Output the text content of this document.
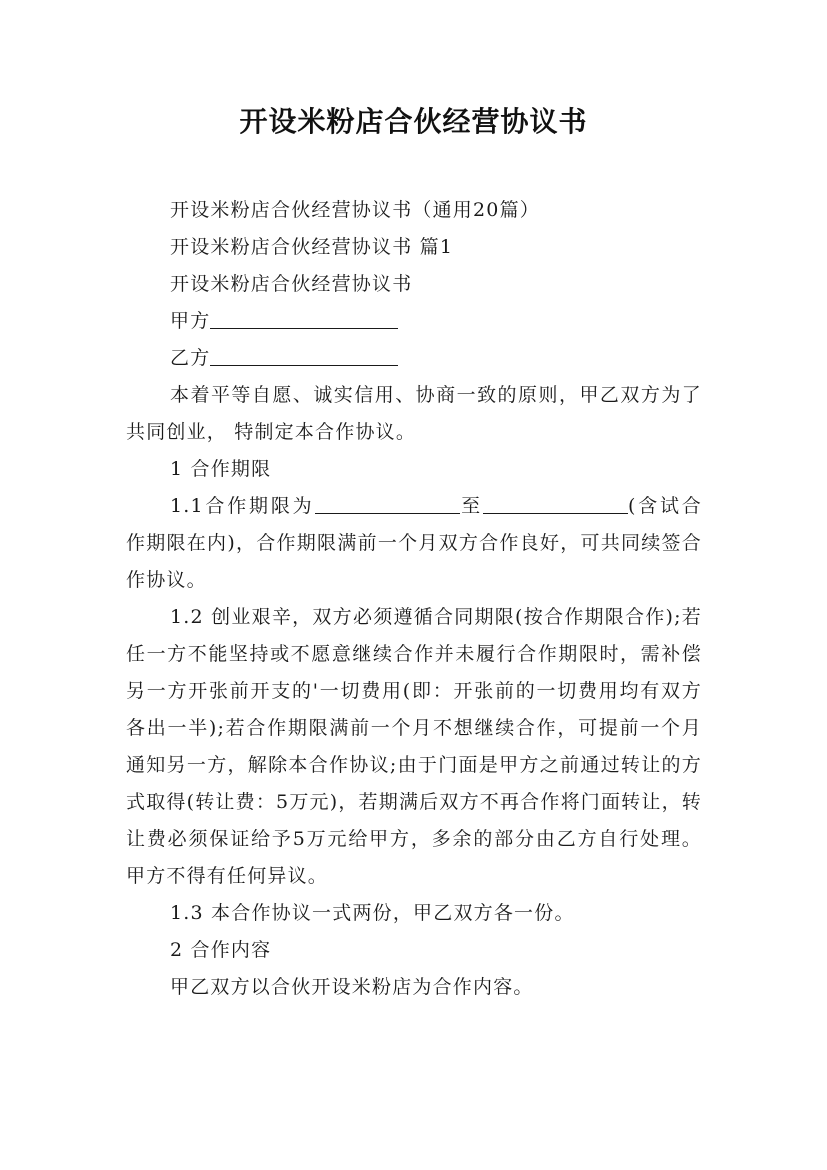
开设米粉店合伙经营协议书

开设米粉店合伙经营协议书（通用20篇）

开设米粉店合伙经营协议书 篇1

开设米粉店合伙经营协议书

甲方

乙方

本着平等自愿、诚实信用、协商一致的原则，甲乙双方为了共同创业， 特制定本合作协议。

1 合作期限

1.1合作期限为	至	(含试合作期限在内)，合作期限满前一个月双方合作良好，可共同续签合作协议。

1.2 创业艰辛，双方必须遵循合同期限(按合作期限合作);若任一方不能坚持或不愿意继续合作并未履行合作期限时，需补偿另一方开张前开支的'一切费用(即：开张前的一切费用均有双方各出一半);若合作期限满前一个月不想继续合作，可提前一个月通知另一方，解除本合作协议;由于门面是甲方之前通过转让的方式取得(转让费：5万元)，若期满后双方不再合作将门面转让，转让费必须保证给予5万元给甲方，多余的部分由乙方自行处理。甲方不得有任何异议。

1.3 本合作协议一式两份，甲乙双方各一份。

2 合作内容

甲乙双方以合伙开设米粉店为合作内容。
